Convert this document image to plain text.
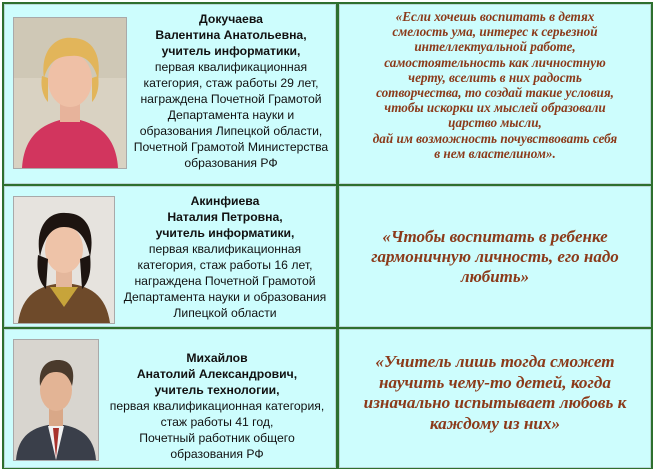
Докучаева
Валентина Анатольевна,
учитель информатики,
первая квалификационная
категория, стаж работы 29 лет,
награждена Почетной Грамотой
Департамента науки и
образования Липецкой области,
Почетной Грамотой Министерства
образования РФ
«Если хочешь воспитать в детях
смелость ума, интерес к серьезной
интеллектуальной работе,
самостоятельность как личностную
черту, вселить в них радость
сотворчества, то создай такие условия,
чтобы искорки их мыслей образовали
царство мысли,
дай им возможность почувствовать себя
в нем властелином».
Акинфиева
Наталия Петровна,
учитель информатики,
первая квалификационная
категория, стаж работы 16 лет,
награждена Почетной Грамотой
Департамента науки и образования
Липецкой области
«Чтобы воспитать в ребенке
гармоничную личность, его надо
любить»
Михайлов
Анатолий Александрович,
учитель технологии,
первая квалификационная категория,
стаж работы 41 год,
Почетный работник общего
образования РФ
«Учитель лишь тогда сможет
научить чему-то детей, когда
изначально испытывает любовь к
каждому из них»
